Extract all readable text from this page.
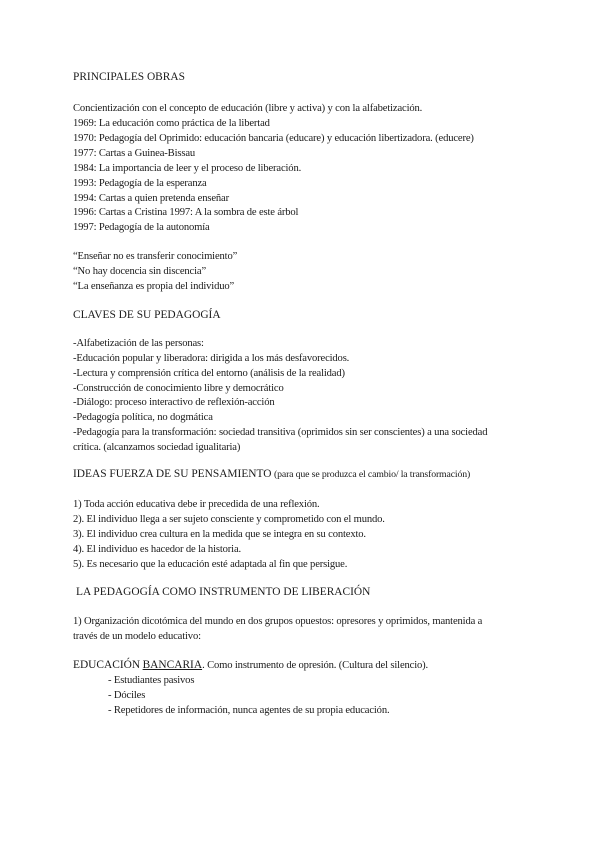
PRINCIPALES OBRAS
Concientización con el concepto de educación (libre y activa) y con la alfabetización.
1969: La educación como práctica de la libertad
1970: Pedagogía del Oprimido: educación bancaria (educare) y educación libertizadora. (educere)
1977: Cartas a Guinea-Bissau
1984: La importancia de leer y el proceso de liberación.
1993: Pedagogía de la esperanza
1994: Cartas a quien pretenda enseñar
1996: Cartas a Cristina 1997: A la sombra de este árbol
1997: Pedagogía de la autonomía
“Enseñar no es transferir conocimiento”
“No hay docencia sin discencia”
“La enseñanza es propia del individuo”
CLAVES DE SU PEDAGOGÍA
-Alfabetización de las personas:
-Educación popular y liberadora: dirigida a los más desfavorecidos.
-Lectura y comprensión crítica del entorno (análisis de la realidad)
-Construcción de conocimiento libre y democrático
-Diálogo: proceso interactivo de reflexión-acción
-Pedagogía política, no dogmática
-Pedagogía para la transformación: sociedad transitiva (oprimidos sin ser conscientes) a una sociedad
crítica. (alcanzamos sociedad igualitaria)
IDEAS FUERZA DE SU PENSAMIENTO (para que se produzca el cambio/ la transformación)
1) Toda acción educativa debe ir precedida de una reflexión.
2). El individuo llega a ser sujeto consciente y comprometido con el mundo.
3). El individuo crea cultura en la medida que se integra en su contexto.
4). El individuo es hacedor de la historia.
5). Es necesario que la educación esté adaptada al fin que persigue.
LA PEDAGOGÍA COMO INSTRUMENTO DE LIBERACIÓN
1) Organización dicotómica del mundo en dos grupos opuestos: opresores y oprimidos, mantenida a
través de un modelo educativo:
EDUCACIÓN BANCARIA. Como instrumento de opresión. (Cultura del silencio).
- Estudiantes pasivos
- Dóciles
- Repetidores de información, nunca agentes de su propia educación.
